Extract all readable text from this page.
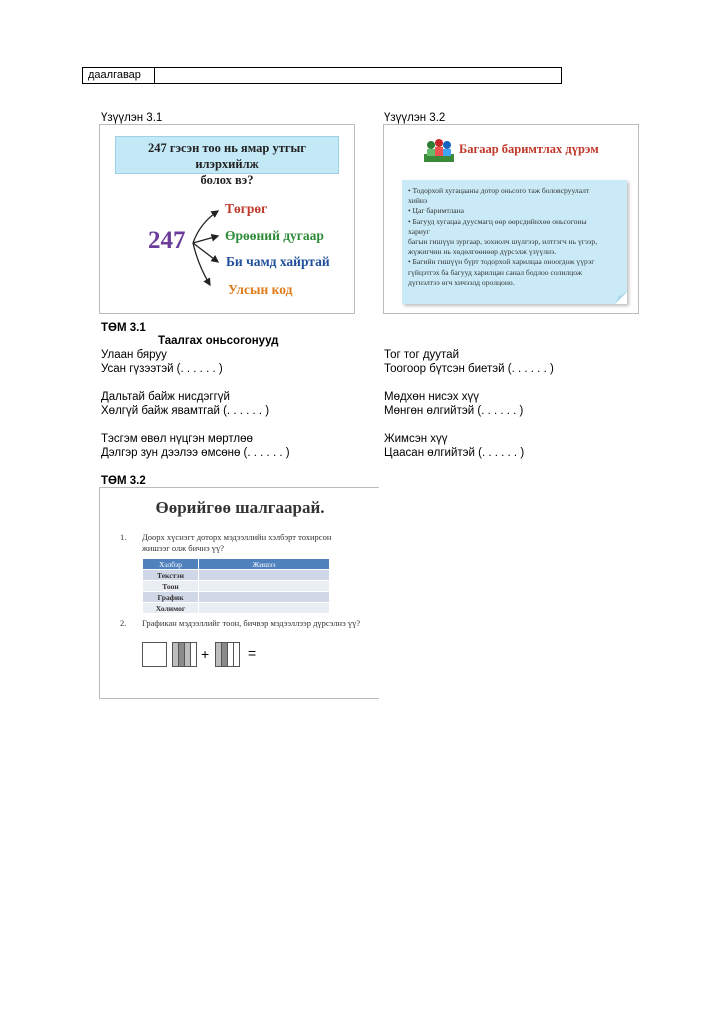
даалгавар
Үзүүлэн 3.1	Үзүүлэн 3.2
247 гэсэн тоо нь ямар утгыг илэрхийлж
болох вэ?
247
Төгрөг
Өрөөний дугаар
Би чамд хайртай
Улсын код
Багаар баримтлах дүрэм
• Тодорхой хугацааны дотор оньсого таж боловсруулалт
хийнэ
• Цаг баримтлана
• Багууд хугацаа дуусмагц өөр өөрсдийнхөө оньсогоны
хариуг
багын гишүүн зургаар, зохиолч шүлгээр, илтгэгч нь үгээр,
жүжигчин нь хөдөлгөөнөөр дүрсэлж үзүүлнэ.
• Багийн гишүүн бүрт тодорхой харилцаа оноогдож үүрэг
гүйцэтгэх ба багууд харилцан санал бодлоо солилцож
дүгнэлтээ өгч хичээлд оролцоно.
ТӨМ 3.1
Таалгах оньсогонууд
Улаан бяруу
Усан гүзээтэй (. . . . . . )
Дальтай байж нисдэггүй
Хөлгүй байж явамтгай (. . . . . . )
Тэсгэм өвөл нүцгэн мөртлөө
Дэлгэр зун дээлээ өмсөнө (. . . . . . )
Тог тог дуутай
Тоогоор бүтсэн биетэй (. . . . . . )
Мөдхөн нисэх хүү
Мөнгөн өлгийтэй (. . . . . . )
Жимсэн хүү
Цаасан өлгийтэй (. . . . . . )
ТӨМ 3.2
Өөрийгөө шалгаарай.
1. Доорх хүснэгт доторх мэдээллийн хэлбэрт тохирсон
жишээг олж бичнэ үү?
Хэлбэр	Жишээ
Текстэн	
Тоон	
График	
Холимог	
2. Графикан мэдээллийг тоон, бичвэр мэдээллээр дүрсэлнэ үү?
+	=
